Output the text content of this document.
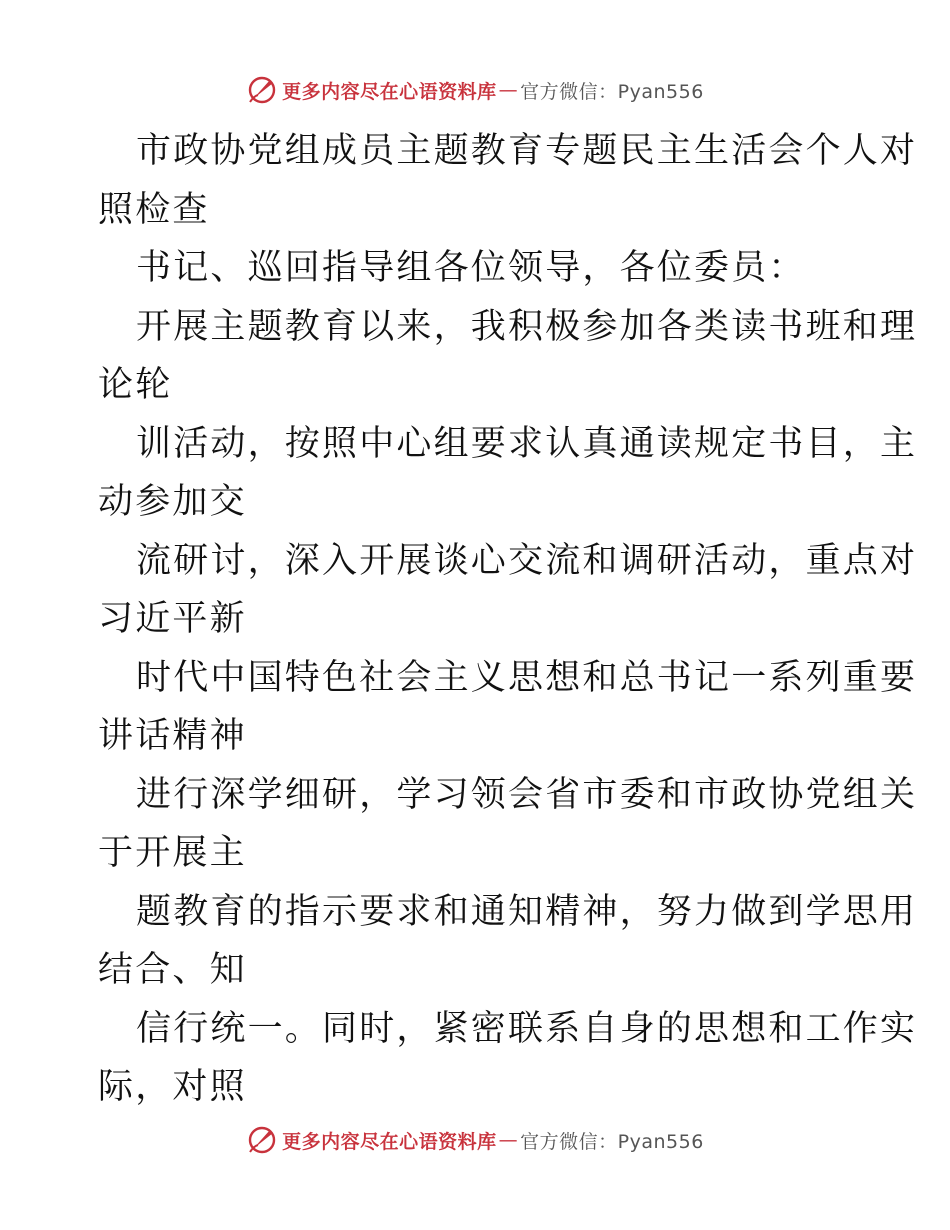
更多内容尽在心语资料库 — 官方微信：Pyan556
市政协党组成员主题教育专题民主生活会个人对
照检查
书记、巡回指导组各位领导，各位委员：
开展主题教育以来，我积极参加各类读书班和理
论轮
训活动，按照中心组要求认真通读规定书目，主
动参加交
流研讨，深入开展谈心交流和调研活动，重点对
习近平新
时代中国特色社会主义思想和总书记一系列重要
讲话精神
进行深学细研，学习领会省市委和市政协党组关
于开展主
题教育的指示要求和通知精神，努力做到学思用
结合、知
信行统一。同时，紧密联系自身的思想和工作实
际，对照
更多内容尽在心语资料库 — 官方微信：Pyan556
